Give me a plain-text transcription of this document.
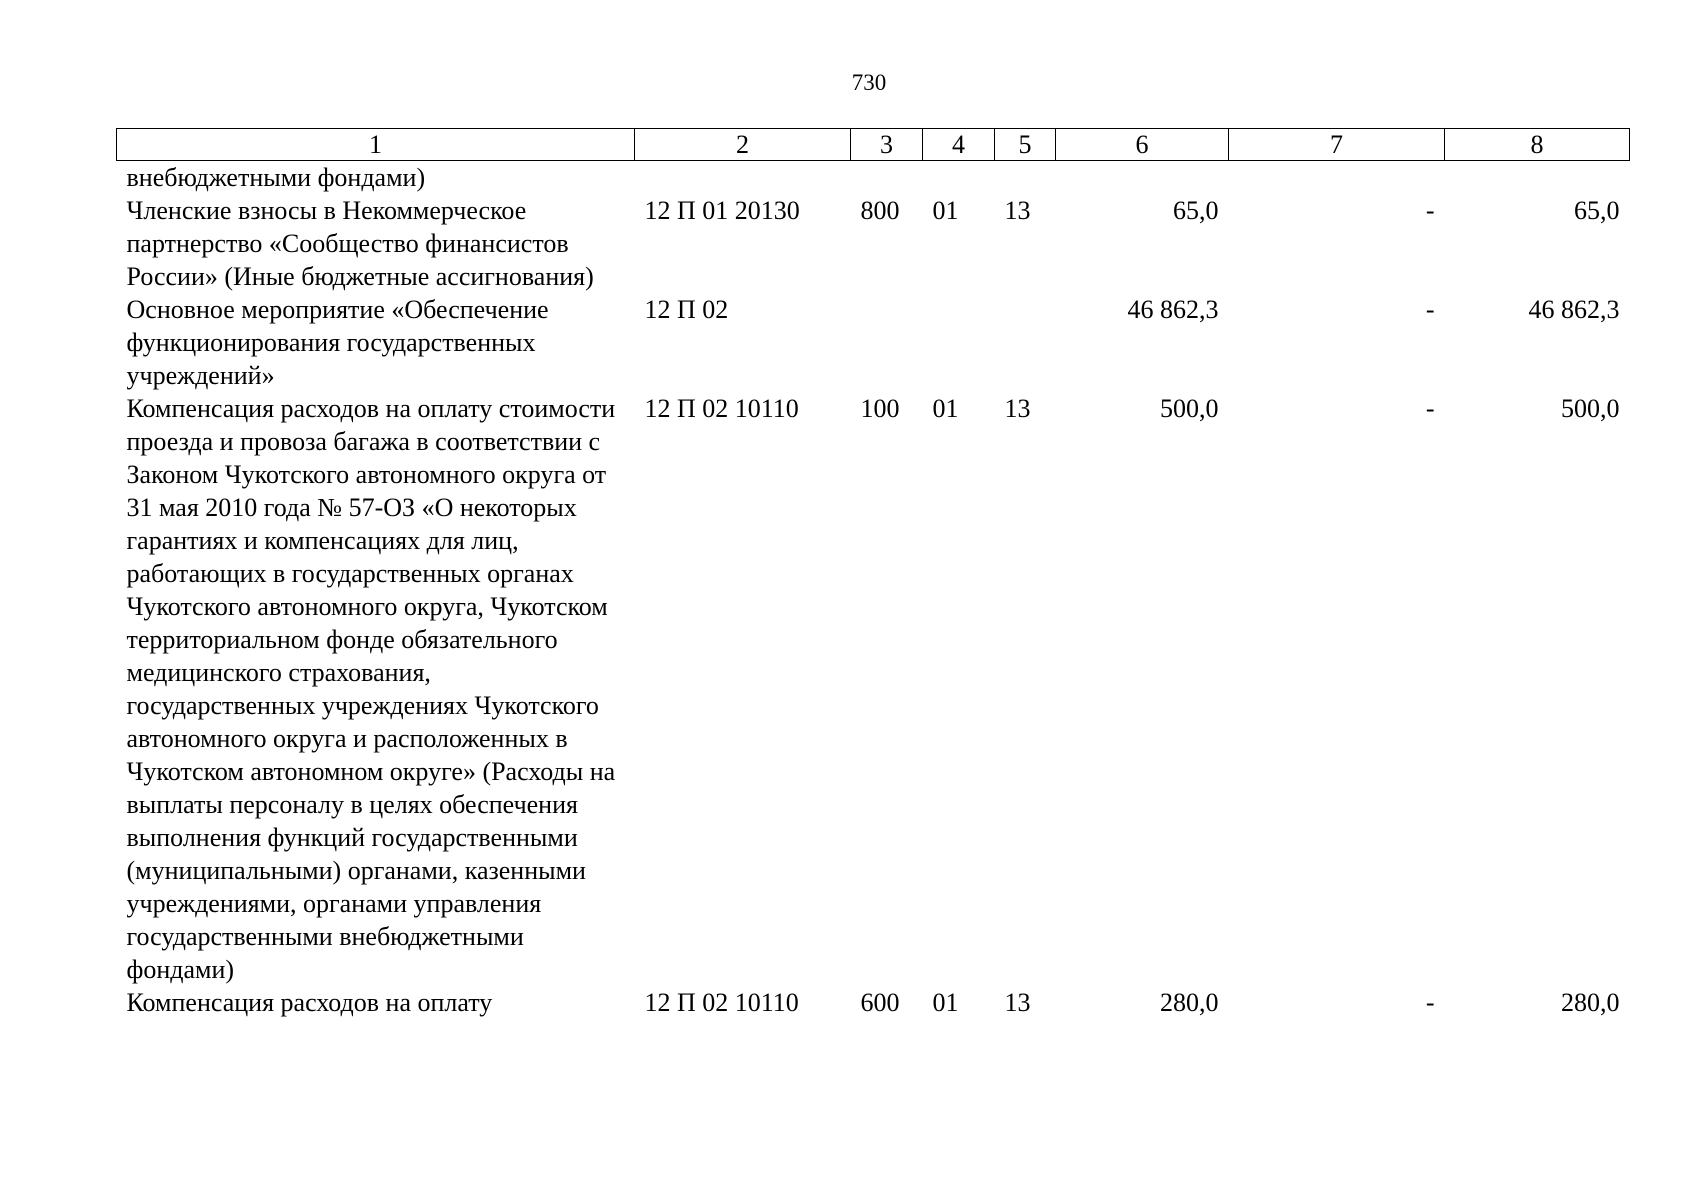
730
1	2	3	4	5	6	7	8
внебюджетными фондами)							
Членские взносы в Некоммерческое партнерство «Сообщество финансистов России» (Иные бюджетные ассигнования)	12 П 01 20130	800	01	13	65,0	-	65,0
Основное мероприятие «Обеспечение функционирования государственных учреждений»	12 П 02				46 862,3	-	46 862,3
Компенсация расходов на оплату стоимости проезда и провоза багажа в соответствии с Законом Чукотского автономного округа от 31 мая 2010 года № 57-ОЗ «О некоторых гарантиях и компенсациях для лиц, работающих в государственных органах Чукотского автономного округа, Чукотском территориальном фонде обязательного медицинского страхования, государственных учреждениях Чукотского автономного округа и расположенных в Чукотском автономном округе» (Расходы на выплаты персоналу в целях обеспечения выполнения функций государственными (муниципальными) органами, казенными учреждениями, органами управления государственными внебюджетными фондами)	12 П 02 10110	100	01	13	500,0	-	500,0
Компенсация расходов на оплату	12 П 02 10110	600	01	13	280,0	-	280,0
